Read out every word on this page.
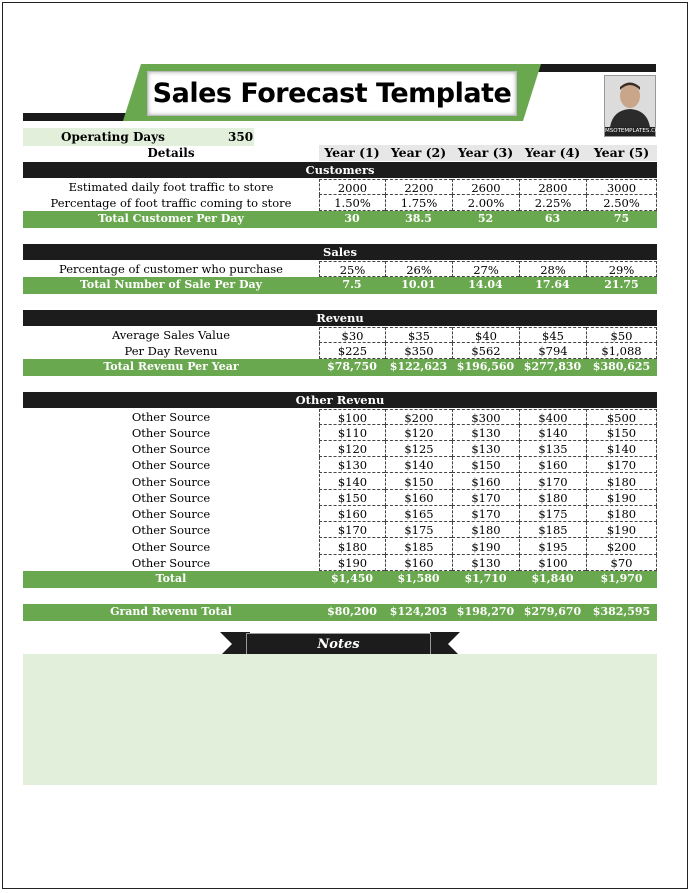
Sales Forecast Template
MSOTEMPLATES.COM
Operating Days	350
Details	Year (1) Year (2) Year (3) Year (4)	Year (5)
Customers
Estimated daily foot traffic to store	2000	2200	2600	2800	3000
Percentage of foot traffic coming to store	1.50%	1.75%	2.00%	2.25%	2.50%
Total Customer Per Day	30	38.5	52	63	75
Sales
Percentage of customer who purchase	25%	26%	27%	28%	29%
Total Number of Sale Per Day	7.5	10.01	14.04	17.64	21.75
Revenu
Average Sales Value	$30	$35	$40	$45	$50
Per Day Revenu	$225	$350	$562	$794	$1,088
Total Revenu Per Year	$78,750	$122,623 $196,560 $277,830	$380,625
Other Revenu
Other Source	$100	$200	$300	$400	$500
Other Source	$110	$120	$130	$140	$150
Other Source	$120	$125	$130	$135	$140
Other Source	$130	$140	$150	$160	$170
Other Source	$140	$150	$160	$170	$180
Other Source	$150	$160	$170	$180	$190
Other Source	$160	$165	$170	$175	$180
Other Source	$170	$175	$180	$185	$190
Other Source	$180	$185	$190	$195	$200
Other Source	$190	$160	$130	$100	$70
Total	$1,450	$1,580	$1,710	$1,840	$1,970
Grand Revenu Total	$80,200	$124,203 $198,270 $279,670	$382,595
Notes
